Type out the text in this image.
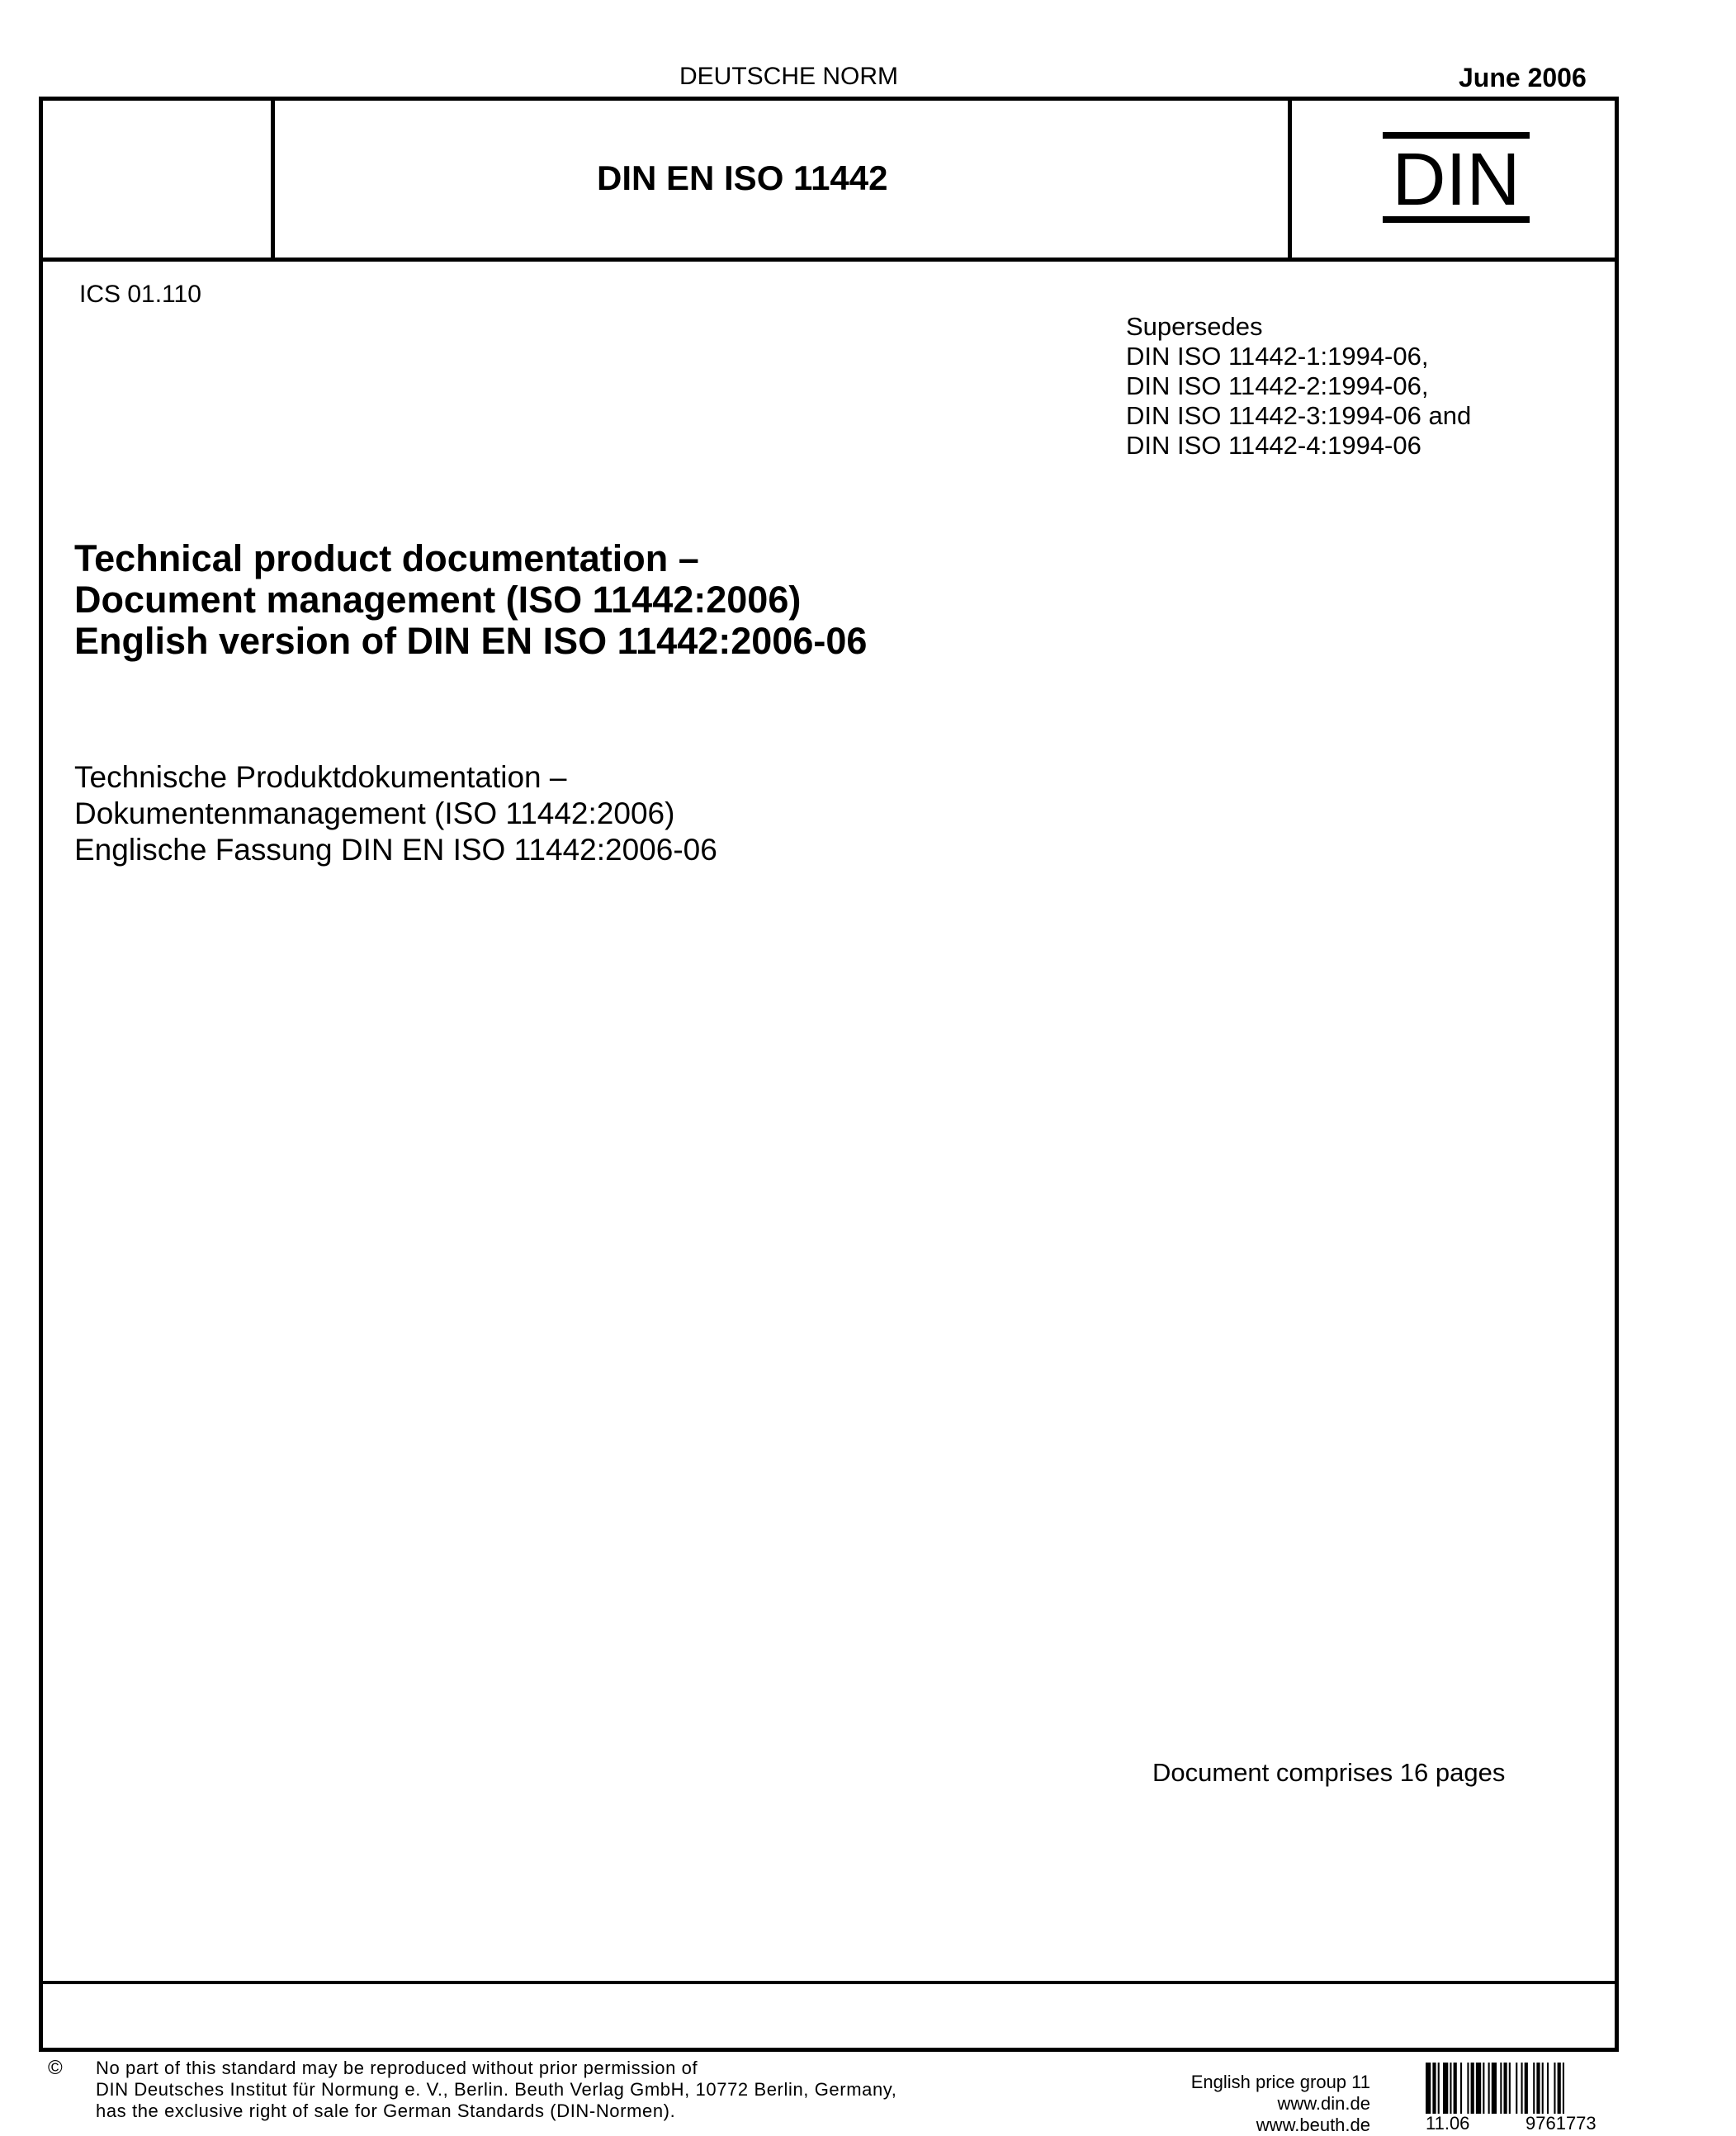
DEUTSCHE NORM	June 2006
DIN EN ISO 11442	DIN
ICS 01.110
Supersedes
DIN ISO 11442-1:1994-06,
DIN ISO 11442-2:1994-06,
DIN ISO 11442-3:1994-06 and
DIN ISO 11442-4:1994-06
Technical product documentation –
Document management (ISO 11442:2006)
English version of DIN EN ISO 11442:2006-06
Technische Produktdokumentation –
Dokumentenmanagement (ISO 11442:2006)
Englische Fassung DIN EN ISO 11442:2006-06
Document comprises 16 pages
© No part of this standard may be reproduced without prior permission of
DIN Deutsches Institut für Normung e. V., Berlin. Beuth Verlag GmbH, 10772 Berlin, Germany,
has the exclusive right of sale for German Standards (DIN-Normen).
English price group 11
www.din.de
www.beuth.de	11.06	9761773
